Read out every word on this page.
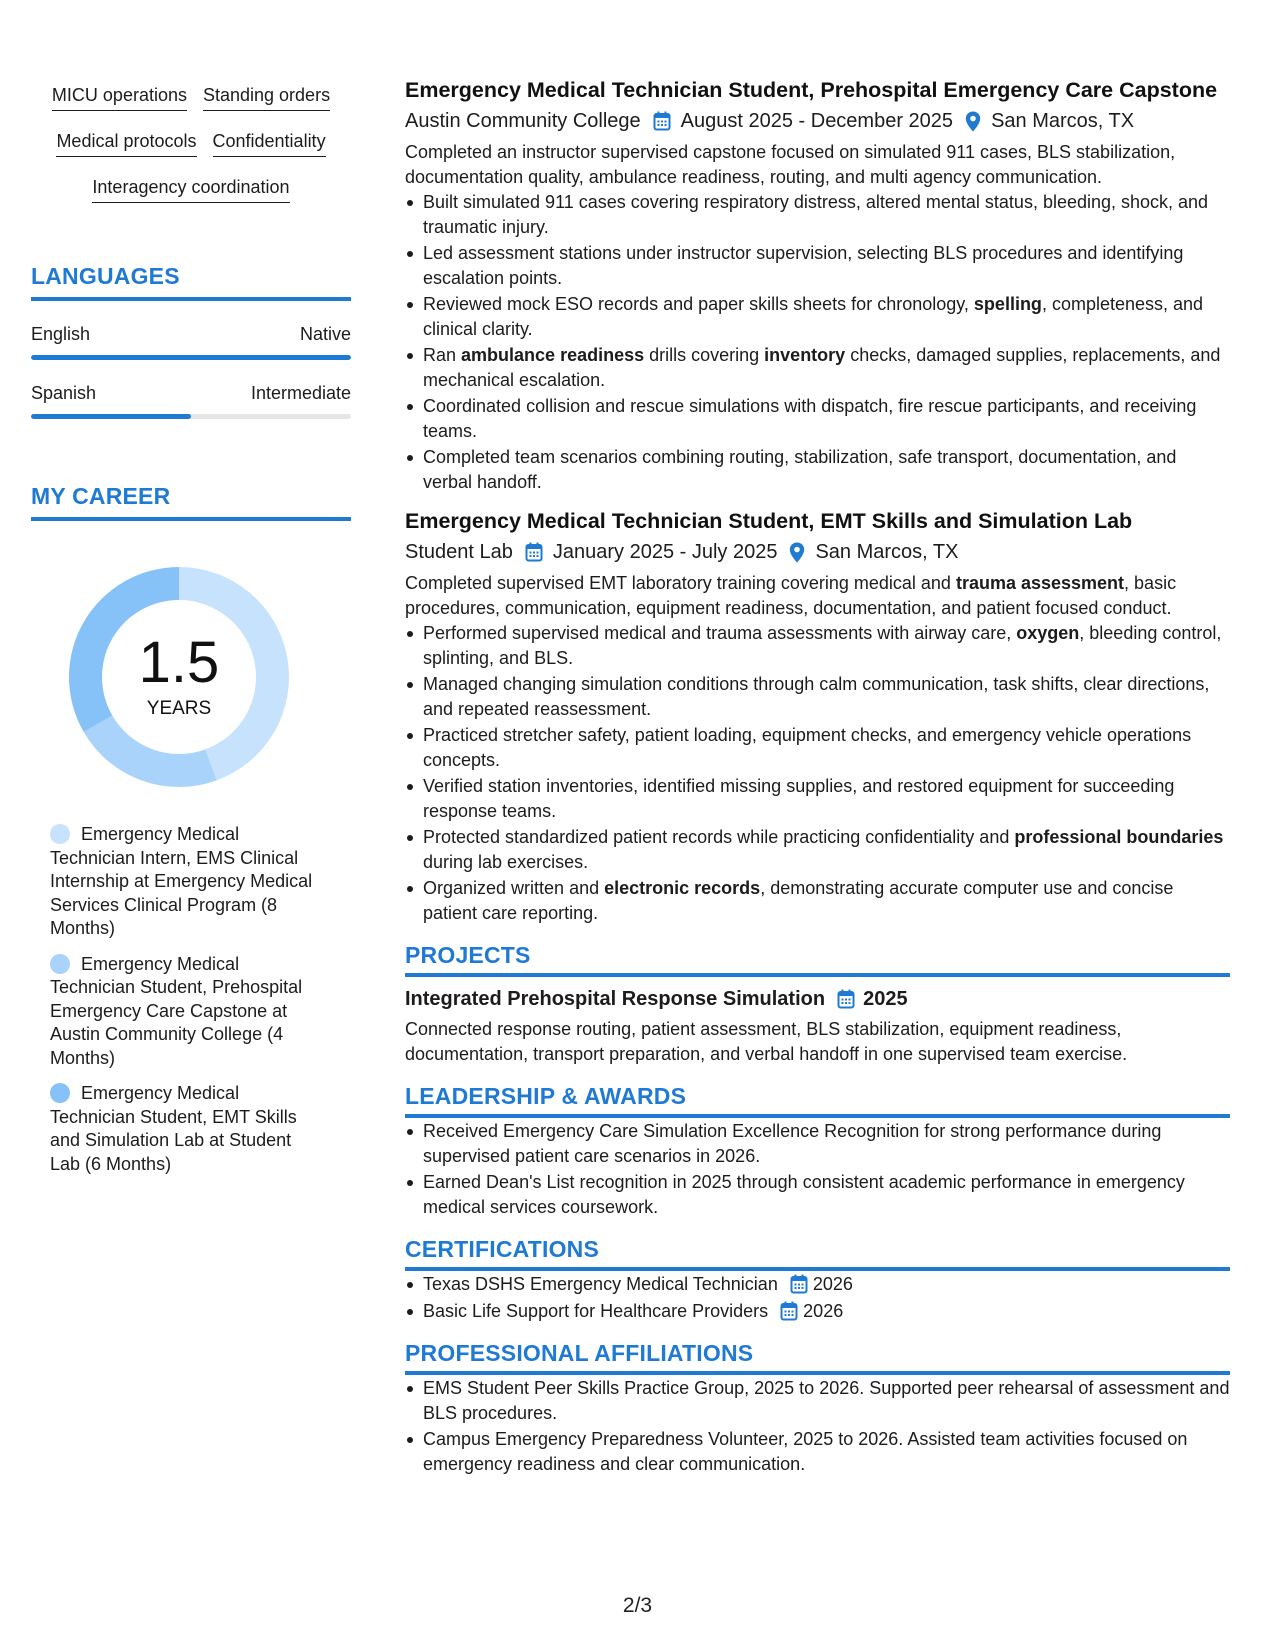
MICU operations Standing orders
Medical protocols Confidentiality
Interagency coordination
LANGUAGES
English	Native
Spanish	Intermediate
MY CAREER
1.5
YEARS
Emergency Medical Technician Intern, EMS Clinical Internship at Emergency Medical Services Clinical Program (8 Months)
Emergency Medical Technician Student, Prehospital Emergency Care Capstone at Austin Community College (4 Months)
Emergency Medical Technician Student, EMT Skills and Simulation Lab at Student Lab (6 Months)
Emergency Medical Technician Student, Prehospital Emergency Care Capstone
Austin Community College August 2025 - December 2025 San Marcos, TX
Completed an instructor supervised capstone focused on simulated 911 cases, BLS stabilization, documentation quality, ambulance readiness, routing, and multi agency communication.
Built simulated 911 cases covering respiratory distress, altered mental status, bleeding, shock, and traumatic injury.
Led assessment stations under instructor supervision, selecting BLS procedures and identifying escalation points.
Reviewed mock ESO records and paper skills sheets for chronology, spelling, completeness, and clinical clarity.
Ran ambulance readiness drills covering inventory checks, damaged supplies, replacements, and mechanical escalation.
Coordinated collision and rescue simulations with dispatch, fire rescue participants, and receiving teams.
Completed team scenarios combining routing, stabilization, safe transport, documentation, and verbal handoff.
Emergency Medical Technician Student, EMT Skills and Simulation Lab
Student Lab January 2025 - July 2025 San Marcos, TX
Completed supervised EMT laboratory training covering medical and trauma assessment, basic procedures, communication, equipment readiness, documentation, and patient focused conduct.
Performed supervised medical and trauma assessments with airway care, oxygen, bleeding control, splinting, and BLS.
Managed changing simulation conditions through calm communication, task shifts, clear directions, and repeated reassessment.
Practiced stretcher safety, patient loading, equipment checks, and emergency vehicle operations concepts.
Verified station inventories, identified missing supplies, and restored equipment for succeeding response teams.
Protected standardized patient records while practicing confidentiality and professional boundaries during lab exercises.
Organized written and electronic records, demonstrating accurate computer use and concise patient care reporting.
PROJECTS
Integrated Prehospital Response Simulation 2025
Connected response routing, patient assessment, BLS stabilization, equipment readiness, documentation, transport preparation, and verbal handoff in one supervised team exercise.
LEADERSHIP & AWARDS
Received Emergency Care Simulation Excellence Recognition for strong performance during supervised patient care scenarios in 2026.
Earned Dean's List recognition in 2025 through consistent academic performance in emergency medical services coursework.
CERTIFICATIONS
Texas DSHS Emergency Medical Technician 2026
Basic Life Support for Healthcare Providers 2026
PROFESSIONAL AFFILIATIONS
EMS Student Peer Skills Practice Group, 2025 to 2026. Supported peer rehearsal of assessment and BLS procedures.
Campus Emergency Preparedness Volunteer, 2025 to 2026. Assisted team activities focused on emergency readiness and clear communication.
2/3
